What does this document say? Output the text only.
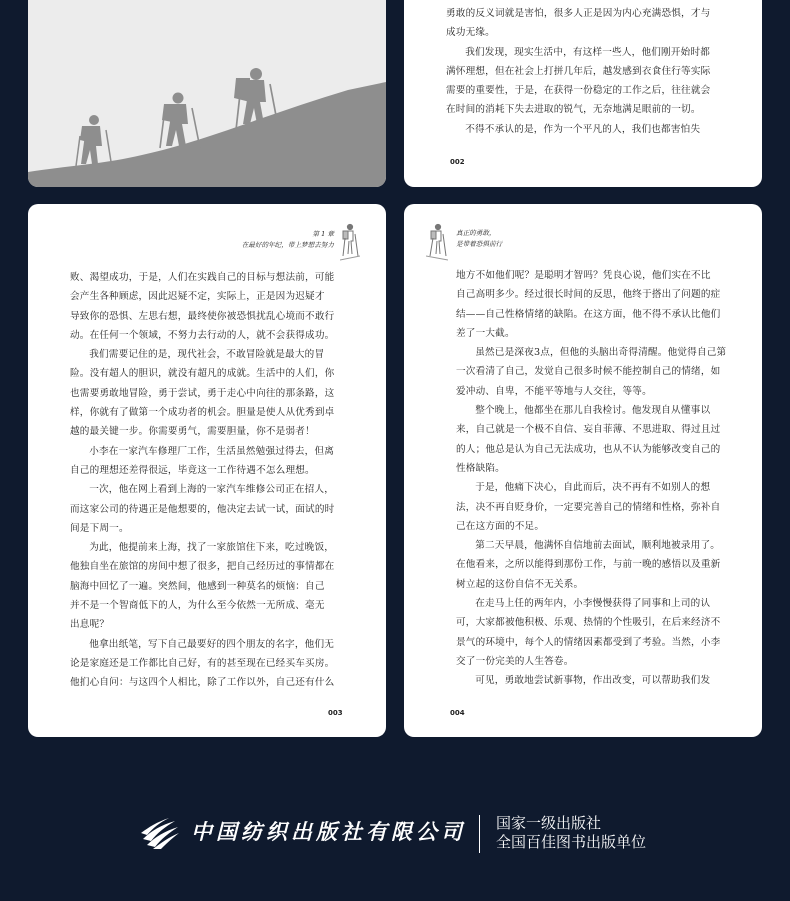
勇敢的反义词就是害怕，很多人正是因为内心充满恐惧，才与
成功无缘。
我们发现，现实生活中，有这样一些人，他们刚开始时都
满怀理想，但在社会上打拼几年后，越发感到衣食住行等实际
需要的重要性，于是，在获得一份稳定的工作之后，往往就会
在时间的消耗下失去进取的锐气，无奈地满足眼前的一切。
不得不承认的是，作为一个平凡的人，我们也都害怕失
002
第 1 章
在最好的年纪，带上梦想去努力
败、渴望成功，于是，人们在实践自己的目标与想法前，可能
会产生各种顾虑，因此迟疑不定，实际上，正是因为迟疑才
导致你的恐惧、左思右想，最终使你被恐惧扰乱心境而不敢行
动。在任何一个领域，不努力去行动的人，就不会获得成功。
我们需要记住的是，现代社会，不敢冒险就是最大的冒
险。没有超人的胆识，就没有超凡的成就。生活中的人们，你
也需要勇敢地冒险，勇于尝试，勇于走心中向往的那条路，这
样，你就有了做第一个成功者的机会。胆量是使人从优秀到卓
越的最关键一步。你需要勇气，需要胆量，你不是弱者！
小李在一家汽车修理厂工作，生活虽然勉强过得去，但离
自己的理想还差得很远，毕竟这一工作待遇不怎么理想。
一次，他在网上看到上海的一家汽车维修公司正在招人，
而这家公司的待遇正是他想要的，他决定去试一试，面试的时
间是下周一。
为此，他提前来上海，找了一家旅馆住下来，吃过晚饭，
他独自坐在旅馆的房间中想了很多，把自己经历过的事情都在
脑海中回忆了一遍。突然间，他感到一种莫名的烦恼：自己
并不是一个智商低下的人，为什么至今依然一无所成、毫无
出息呢？
他拿出纸笔，写下自己最要好的四个朋友的名字，他们无
论是家庭还是工作都比自己好，有的甚至现在已经买车买房。
他扪心自问：与这四个人相比，除了工作以外，自己还有什么
003
真正的勇敢，
是带着恐惧前行
地方不如他们呢？是聪明才智吗？凭良心说，他们实在不比
自己高明多少。经过很长时间的反思，他终于搭出了问题的症
结——自己性格情绪的缺陷。在这方面，他不得不承认比他们
差了一大截。
虽然已是深夜3点，但他的头脑出奇得清醒。他觉得自己第
一次看清了自己，发觉自己很多时候不能控制自己的情绪，如
爱冲动、自卑，不能平等地与人交往，等等。
整个晚上，他都坐在那儿自我检讨。他发现自从懂事以
来，自己就是一个极不自信、妄自菲薄、不思进取、得过且过
的人；他总是认为自己无法成功，也从不认为能够改变自己的
性格缺陷。
于是，他痛下决心，自此而后，决不再有不如别人的想
法，决不再自贬身价，一定要完善自己的情绪和性格，弥补自
己在这方面的不足。
第二天早晨，他满怀自信地前去面试，顺利地被录用了。
在他看来，之所以能得到那份工作，与前一晚的感悟以及重新
树立起的这份自信不无关系。
在走马上任的两年内，小李慢慢获得了同事和上司的认
可，大家都被他积极、乐观、热情的个性吸引，在后来经济不
景气的环境中，每个人的情绪因素都受到了考验。当然，小李
交了一份完美的人生答卷。
可见，勇敢地尝试新事物，作出改变，可以帮助我们发
004
中国纺织出版社有限公司 国家一级出版社
全国百佳图书出版单位
